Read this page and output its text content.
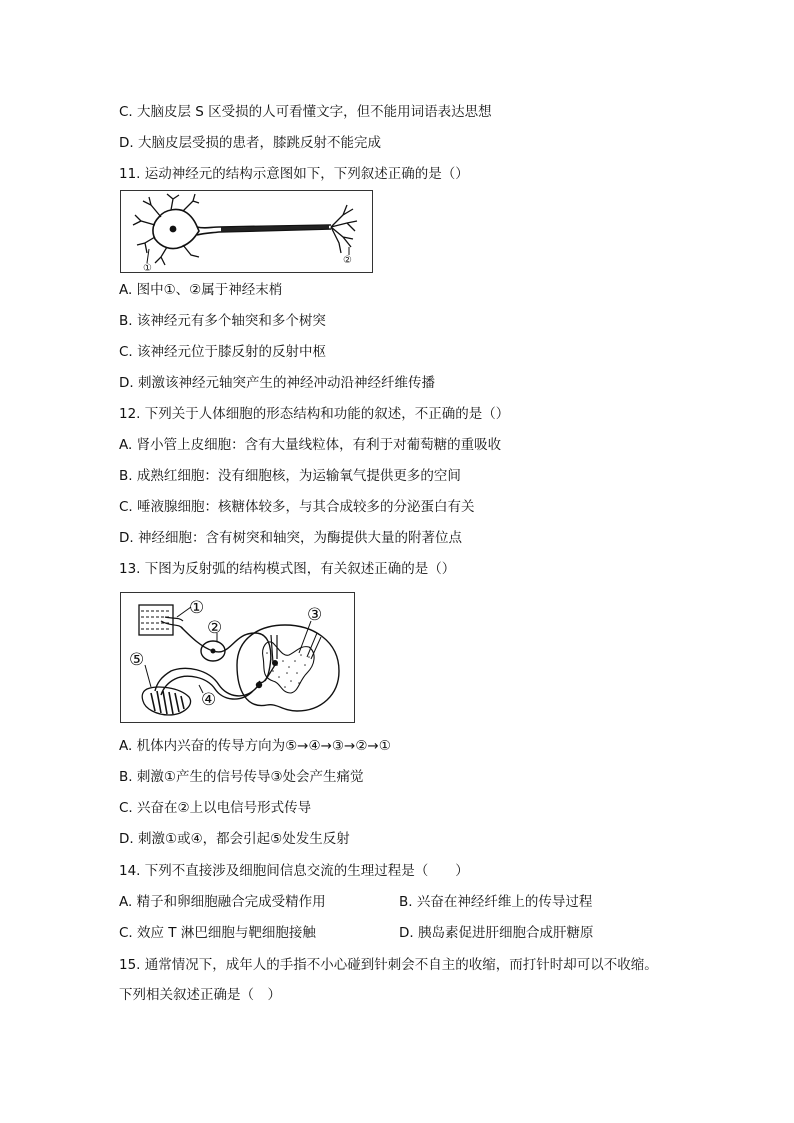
C. 大脑皮层 S 区受损的人可看懂文字，但不能用词语表达思想
D. 大脑皮层受损的患者，膝跳反射不能完成
11. 运动神经元的结构示意图如下，下列叙述正确的是（）
①
②
A. 图中①、②属于神经末梢
B. 该神经元有多个轴突和多个树突
C. 该神经元位于膝反射的反射中枢
D. 刺激该神经元轴突产生的神经冲动沿神经纤维传播
12. 下列关于人体细胞的形态结构和功能的叙述，不正确的是（）
A. 肾小管上皮细胞：含有大量线粒体，有利于对葡萄糖的重吸收
B. 成熟红细胞：没有细胞核，为运输氧气提供更多的空间
C. 唾液腺细胞：核糖体较多，与其合成较多的分泌蛋白有关
D. 神经细胞：含有树突和轴突，为酶提供大量的附著位点
13. 下图为反射弧的结构模式图，有关叙述正确的是（）
①
②
③
④
⑤
A. 机体内兴奋的传导方向为⑤→④→③→②→①
B. 刺激①产生的信号传导③处会产生痛觉
C. 兴奋在②上以电信号形式传导
D. 刺激①或④，都会引起⑤处发生反射
14. 下列不直接涉及细胞间信息交流的生理过程是（　　）
A. 精子和卵细胞融合完成受精作用	B. 兴奋在神经纤维上的传导过程
C. 效应 T 淋巴细胞与靶细胞接触	D. 胰岛素促进肝细胞合成肝糖原
15. 通常情况下，成年人的手指不小心碰到针刺会不自主的收缩，而打针时却可以不收缩。
下列相关叙述正确是（　）
